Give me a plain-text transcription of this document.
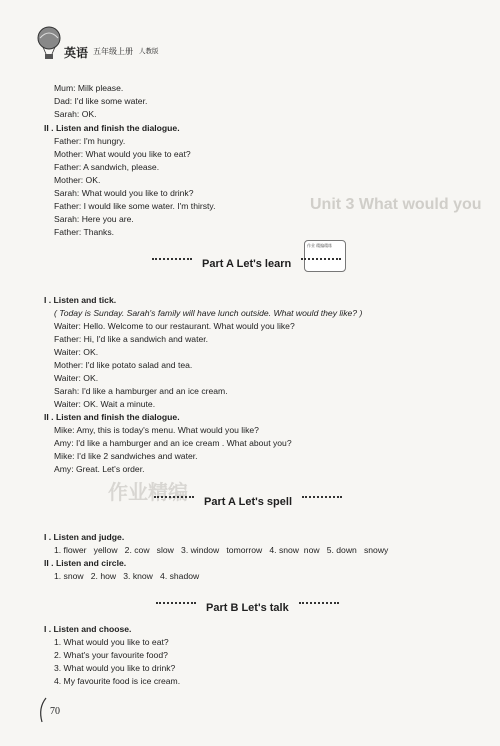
英语 五年级上册 人教版
Unit 3 What would you
作业 精编精练
Mum: Milk please.
Dad: I'd like some water.
Sarah: OK.
II . Listen and finish the dialogue.
Father: I'm hungry.
Mother: What would you like to eat?
Father: A sandwich, please.
Mother: OK.
Sarah: What would you like to drink?
Father: I would like some water. I'm thirsty.
Sarah: Here you are.
Father: Thanks.
Part A Let's learn
I . Listen and tick.
( Today is Sunday. Sarah's family will have lunch outside. What would they like? )
Waiter: Hello. Welcome to our restaurant. What would you like?
Father: Hi, I'd like a sandwich and water.
Waiter: OK.
Mother: I'd like potato salad and tea.
Waiter: OK.
Sarah: I'd like a hamburger and an ice cream.
Waiter: OK. Wait a minute.
II . Listen and finish the dialogue.
Mike: Amy, this is today's menu. What would you like?
Amy: I'd like a hamburger and an ice cream . What about you?
Mike: I'd like 2 sandwiches and water.
Amy: Great. Let's order.
作业精编 Part A Let's spell
I . Listen and judge.
1. flower   yellow   2. cow   slow   3. window   tomorrow   4. snow  now   5. down   snowy
II . Listen and circle.
1. snow   2. how   3. know   4. shadow
Part B Let's talk
I . Listen and choose.
1. What would you like to eat?
2. What's your favourite food?
3. What would you like to drink?
4. My favourite food is ice cream.
70
